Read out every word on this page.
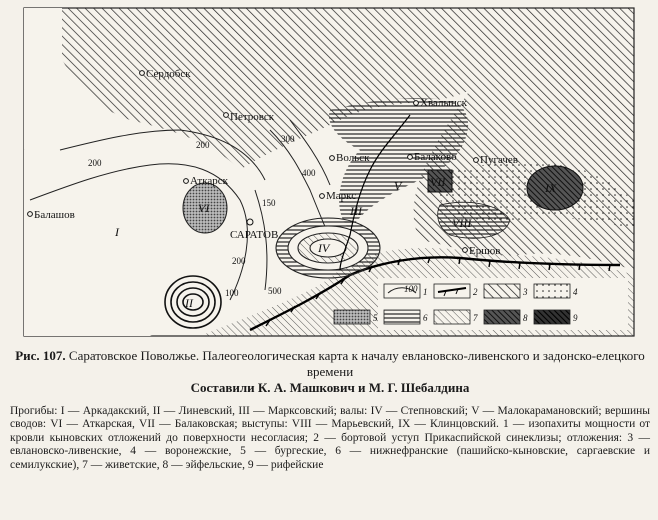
Сердобск
Петровск
Хвалынск
Вольск	Балаково Пугачев
Аткарск
Маркс
Балашов
САРАТОВ
Ершов
200
200
200
300
400
150
100	500
I
II
III
IV
V
VI
VII
VIII
IX
100 1	2	3	4
5	6	7	8	9
Рис. 107. Саратовское Поволжье. Палеогеологическая карта к началу евлановско-ливенского и задонско-елецкого времени
Составили К. А. Машкович и М. Г. Шебалдина
Прогибы: I — Аркадакский, II — Линевский, III — Марксовский; валы: IV — Степновский; V — Малокарамановский; вершины сводов: VI — Аткарская, VII — Балаковская; выступы: VIII — Марьевский, IX — Клинцовский. 1 — изопахиты мощности от кровли кыновских отложений до поверхности несогласия; 2 — бортовой уступ Прикаспийской синеклизы; отложения: 3 — евлановско-ливенские, 4 — воронежские, 5 — бургеские, 6 — нижнефранские (пашийско-кыновские, саргаевские и семилукские), 7 — живетские, 8 — эйфельские, 9 — рифейские
